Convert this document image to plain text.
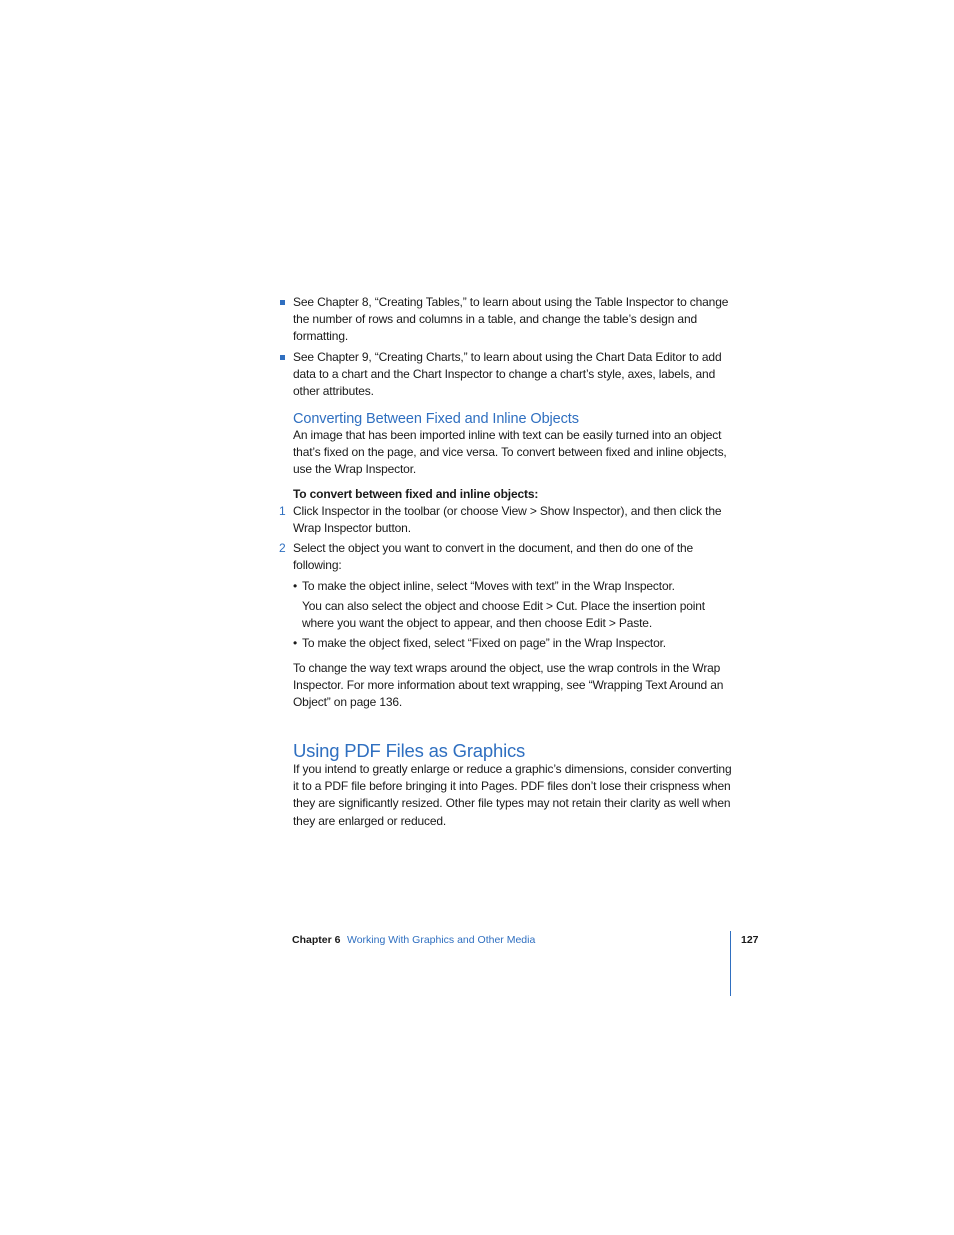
See Chapter 8, “Creating Tables,” to learn about using the Table Inspector to change
the number of rows and columns in a table, and change the table’s design and
formatting.
See Chapter 9, “Creating Charts,” to learn about using the Chart Data Editor to add
data to a chart and the Chart Inspector to change a chart’s style, axes, labels, and
other attributes.
Converting Between Fixed and Inline Objects
An image that has been imported inline with text can be easily turned into an object
that’s fixed on the page, and vice versa. To convert between fixed and inline objects,
use the Wrap Inspector.
To convert between fixed and inline objects:
1 Click Inspector in the toolbar (or choose View > Show Inspector), and then click the
Wrap Inspector button.
2 Select the object you want to convert in the document, and then do one of the
following:
• To make the object inline, select “Moves with text” in the Wrap Inspector.
You can also select the object and choose Edit > Cut. Place the insertion point
where you want the object to appear, and then choose Edit > Paste.
• To make the object fixed, select “Fixed on page” in the Wrap Inspector.
To change the way text wraps around the object, use the wrap controls in the Wrap
Inspector. For more information about text wrapping, see “Wrapping Text Around an
Object” on page 136.
Using PDF Files as Graphics
If you intend to greatly enlarge or reduce a graphic’s dimensions, consider converting
it to a PDF file before bringing it into Pages. PDF files don’t lose their crispness when
they are significantly resized. Other file types may not retain their clarity as well when
they are enlarged or reduced.
Chapter 6 Working With Graphics and Other Media	127
